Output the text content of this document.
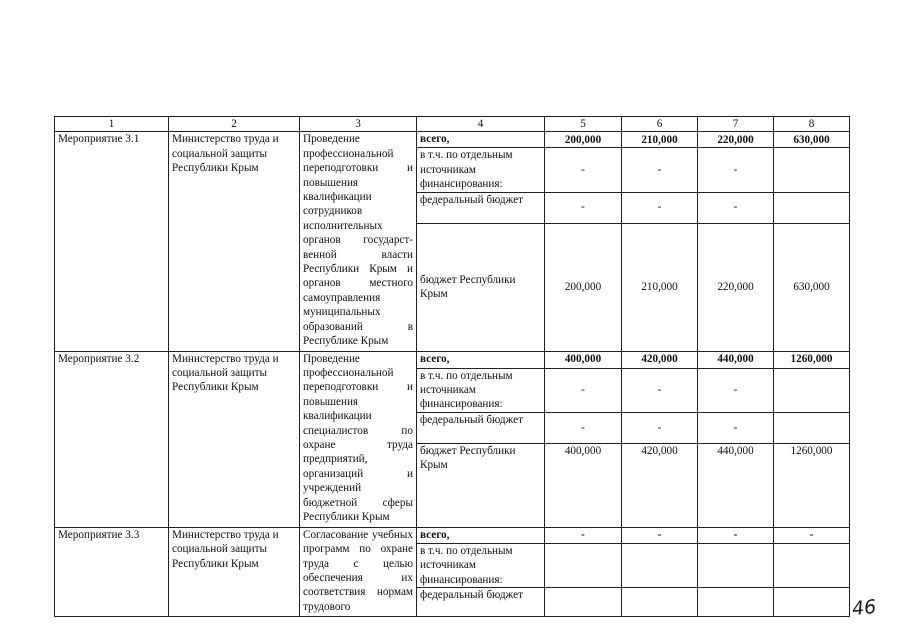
1	2	3	4	5	6	7	8
Мероприятие 3.1	Министерство труда и социальной защиты Республики Крым	Проведение профессиональной переподготовки и повышения квалификации сотрудников исполнительных органов государст-венной власти Республики Крым и органов местного самоуправления муниципальных образований в Республике Крым	всего,	200,000	210,000	220,000	630,000
			в т.ч. по отдельным источникам финансирования:	-	-	-	
			федеральный бюджет	-	-	-	
			бюджет Республики Крым	200,000	210,000	220,000	630,000
Мероприятие 3.2	Министерство труда и социальной защиты Республики Крым	Проведение профессиональной переподготовки и повышения квалификации специалистов по охране труда предприятий, организаций и учреждений бюджетной сферы Республики Крым	всего,	400,000	420,000	440,000	1260,000
			в т.ч. по отдельным источникам финансирования:	-	-	-	
			федеральный бюджет	-	-	-	
			бюджет Республики Крым	400,000	420,000	440,000	1260,000
Мероприятие 3.3	Министерство труда и социальной защиты Республики Крым	Согласование учебных программ по охране труда с целью обеспечения их соответствия нормам трудового	всего,	-	-	-	-
			в т.ч. по отдельным источникам финансирования:				
			федеральный бюджет				
46
